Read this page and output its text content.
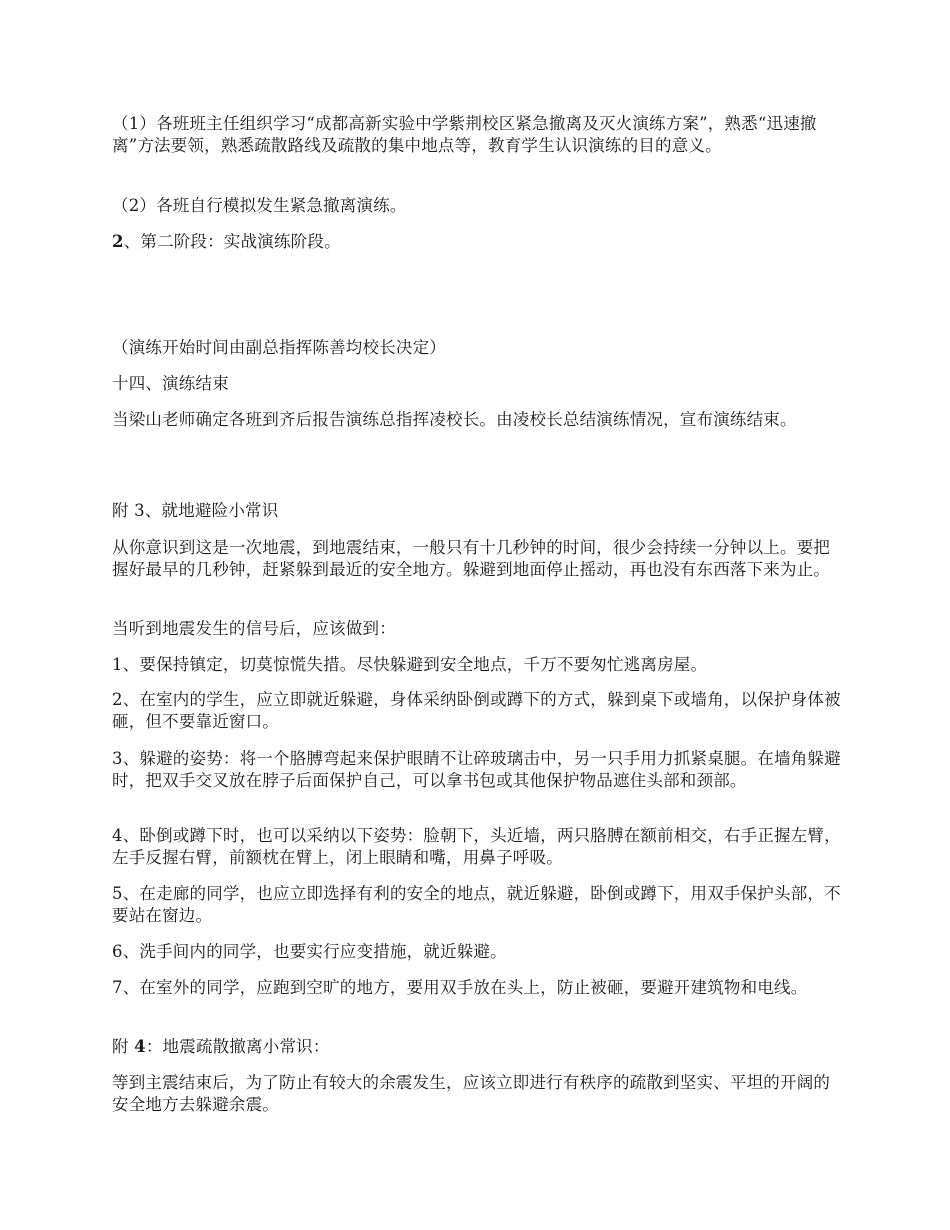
（1）各班班主任组织学习“成都高新实验中学紫荆校区紧急撤离及灭火演练方案”，熟悉“迅速撤离”方法要领，熟悉疏散路线及疏散的集中地点等，教育学生认识演练的目的意义。

（2）各班自行模拟发生紧急撤离演练。

2、第二阶段：实战演练阶段。

（演练开始时间由副总指挥陈善均校长决定）

十四、演练结束

当梁山老师确定各班到齐后报告演练总指挥凌校长。由凌校长总结演练情况，宣布演练结束。

附 3、就地避险小常识

从你意识到这是一次地震，到地震结束，一般只有十几秒钟的时间，很少会持续一分钟以上。要把握好最早的几秒钟，赶紧躲到最近的安全地方。躲避到地面停止摇动，再也没有东西落下来为止。

当听到地震发生的信号后，应该做到：

1、要保持镇定，切莫惊慌失措。尽快躲避到安全地点，千万不要匆忙逃离房屋。

2、在室内的学生，应立即就近躲避，身体采纳卧倒或蹲下的方式，躲到桌下或墙角，以保护身体被砸，但不要靠近窗口。

3、躲避的姿势：将一个胳膊弯起来保护眼睛不让碎玻璃击中，另一只手用力抓紧桌腿。在墙角躲避时，把双手交叉放在脖子后面保护自己，可以拿书包或其他保护物品遮住头部和颈部。

4、卧倒或蹲下时，也可以采纳以下姿势：脸朝下，头近墙，两只胳膊在额前相交，右手正握左臂，左手反握右臂，前额枕在臂上，闭上眼睛和嘴，用鼻子呼吸。

5、在走廊的同学，也应立即选择有利的安全的地点，就近躲避，卧倒或蹲下，用双手保护头部，不要站在窗边。

6、洗手间内的同学，也要实行应变措施，就近躲避。

7、在室外的同学，应跑到空旷的地方，要用双手放在头上，防止被砸，要避开建筑物和电线。

附 4：地震疏散撤离小常识：

等到主震结束后，为了防止有较大的余震发生，应该立即进行有秩序的疏散到坚实、平坦的开阔的安全地方去躲避余震。
